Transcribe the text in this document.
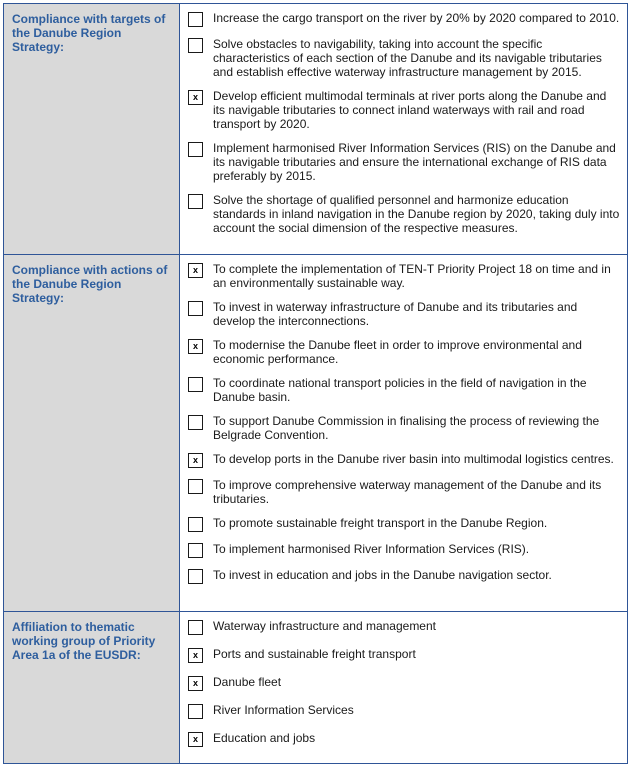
Compliance with targets of the Danube Region Strategy:	
Increase the cargo transport on the river by 20% by 2020 compared to 2010.
Solve obstacles to navigability, taking into account the specific characteristics of each section of the Danube and its navigable tributaries and establish effective waterway infrastructure management by 2015.
x	Develop efficient multimodal terminals at river ports along the Danube and its navigable tributaries to connect inland waterways with rail and road transport by 2020.
Implement harmonised River Information Services (RIS) on the Danube and its navigable tributaries and ensure the international exchange of RIS data preferably by 2015.
Solve the shortage of qualified personnel and harmonize education standards in inland navigation in the Danube region by 2020, taking duly into account the social dimension of the respective measures.

Compliance with actions of the Danube Region Strategy:	
x	To complete the implementation of TEN-T Priority Project 18 on time and in an environmentally sustainable way.
To invest in waterway infrastructure of Danube and its tributaries and develop the interconnections.
x	To modernise the Danube fleet in order to improve environmental and economic performance.
To coordinate national transport policies in the field of navigation in the Danube basin.
To support Danube Commission in finalising the process of reviewing the Belgrade Convention.
x	To develop ports in the Danube river basin into multimodal logistics centres.
To improve comprehensive waterway management of the Danube and its tributaries.
To promote sustainable freight transport in the Danube Region.
To implement harmonised River Information Services (RIS).
To invest in education and jobs in the Danube navigation sector.

Affiliation to thematic working group of Priority Area 1a of the EUSDR:	
Waterway infrastructure and management
x	Ports and sustainable freight transport
x	Danube fleet
River Information Services
x	Education and jobs
